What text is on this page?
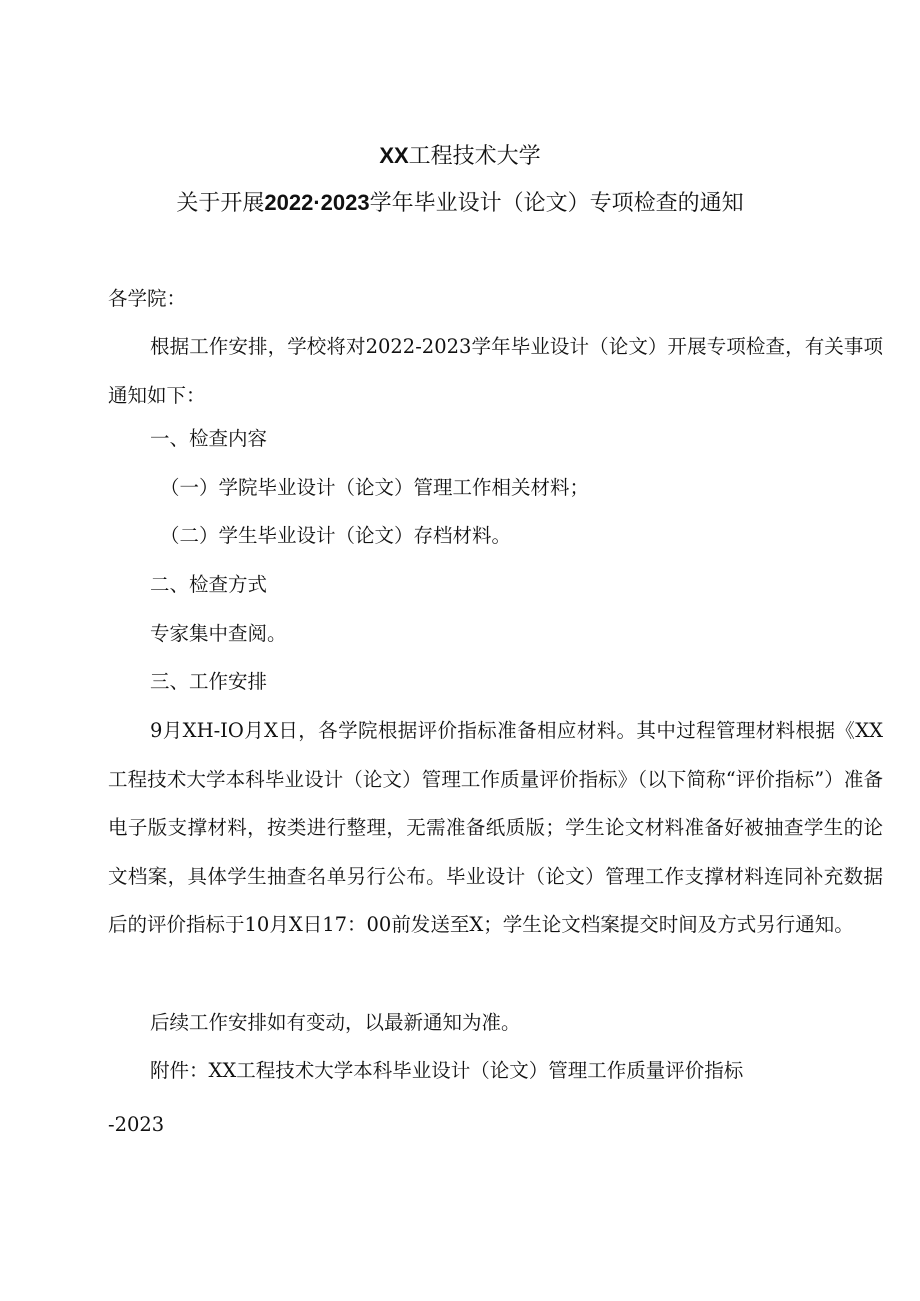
XX工程技术大学
关于开展2022·2023学年毕业设计（论文）专项检查的通知
各学院：
根据工作安排，学校将对2022-2023学年毕业设计（论文）开展专项检查，有关事项通知如下：
一、检查内容
（一）学院毕业设计（论文）管理工作相关材料；
（二）学生毕业设计（论文）存档材料。
二、检查方式
专家集中查阅。
三、工作安排
9月XH-IO月X日，各学院根据评价指标准备相应材料。其中过程管理材料根据《XX工程技术大学本科毕业设计（论文）管理工作质量评价指标》（以下简称“评价指标”）准备电子版支撑材料，按类进行整理，无需准备纸质版；学生论文材料准备好被抽查学生的论文档案，具体学生抽查名单另行公布。毕业设计（论文）管理工作支撑材料连同补充数据后的评价指标于10月X日17：00前发送至X；学生论文档案提交时间及方式另行通知。
后续工作安排如有变动，以最新通知为准。
附件：XX工程技术大学本科毕业设计（论文）管理工作质量评价指标
-2023
